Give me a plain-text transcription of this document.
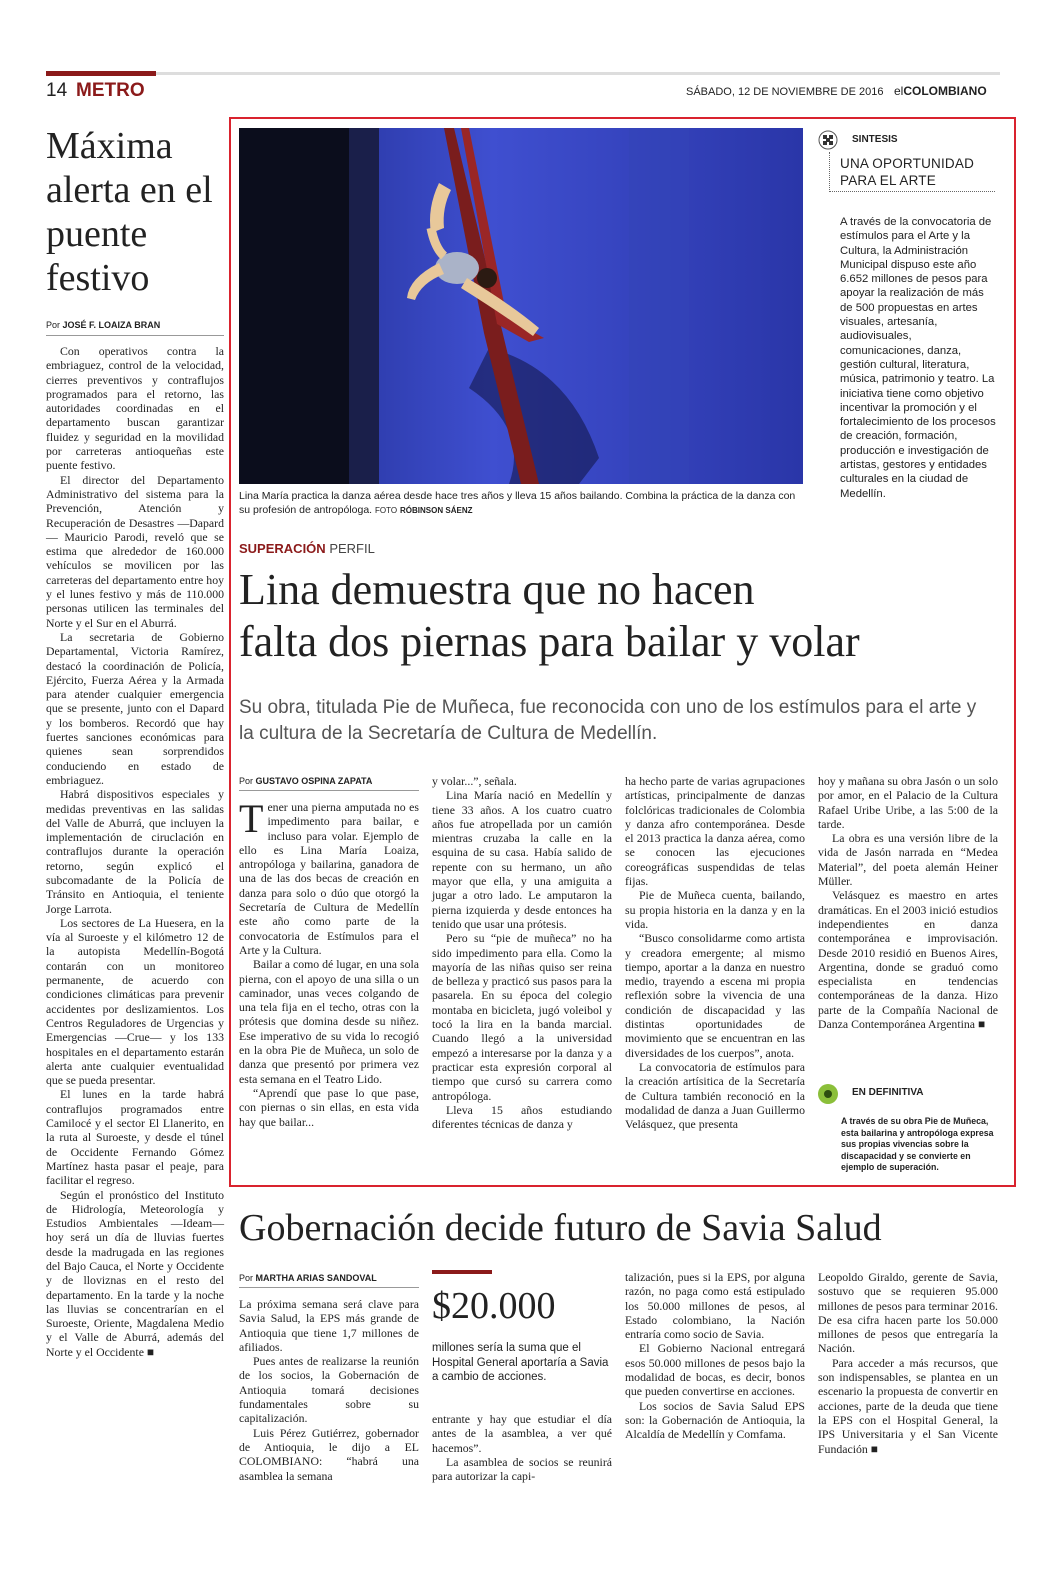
14 METRO	SÁBADO, 12 DE NOVIEMBRE DE 2016 elCOLOMBIANO
Máxima alerta en el puente festivo
Por JOSÉ F. LOAIZA BRAN

Con operativos contra la embriaguez, control de la velocidad, cierres preventivos y contraflujos programados para el retorno, las autoridades coordinadas en el departamento buscan garantizar fluidez y seguridad en la movilidad por carreteras antioqueñas este puente festivo.

El director del Departamento Administrativo del sistema para la Prevención, Atención y Recuperación de Desastres —Dapard— Mauricio Parodi, reveló que se estima que alrededor de 160.000 vehículos se movilicen por las carreteras del departamento entre hoy y el lunes festivo y más de 110.000 personas utilicen las terminales del Norte y el Sur en el Aburrá.

La secretaria de Gobierno Departamental, Victoria Ramírez, destacó la coordinación de Policía, Ejército, Fuerza Aérea y la Armada para atender cualquier emergencia que se presente, junto con el Dapard y los bomberos. Recordó que hay fuertes sanciones económicas para quienes sean sorprendidos conduciendo en estado de embriaguez.

Habrá dispositivos especiales y medidas preventivas en las salidas del Valle de Aburrá, que incluyen la implementación de ciruclación en contraflujos durante la operación retorno, según explicó el subcomadante de la Policía de Tránsito en Antioquia, el teniente Jorge Larrota.

Los sectores de La Huesera, en la vía al Suroeste y el kilómetro 12 de la autopista Medellín-Bogotá contarán con un monitoreo permanente, de acuerdo con condiciones climáticas para prevenir accidentes por deslizamientos. Los Centros Reguladores de Urgencias y Emergencias —Crue— y los 133 hospitales en el departamento estarán alerta ante cualquier eventualidad que se pueda presentar.

El lunes en la tarde habrá contraflujos programados entre Camilocé y el sector El Llanerito, en la ruta al Suroeste, y desde el túnel de Occidente Fernando Gómez Martínez hasta pasar el peaje, para facilitar el regreso.

Según el pronóstico del Instituto de Hidrología, Meteorología y Estudios Ambientales —Ideam— hoy será un día de lluvias fuertes desde la madrugada en las regiones del Bajo Cauca, el Norte y Occidente y de lloviznas en el resto del departamento. En la tarde y la noche las lluvias se concentrarían en el Suroeste, Oriente, Magdalena Medio y el Valle de Aburrá, además del Norte y el Occidente ■

Lina María practica la danza aérea desde hace tres años y lleva 15 años bailando. Combina la práctica de la danza con su profesión de antropóloga. FOTO RÓBINSON SÁENZ
SINTESIS
UNA OPORTUNIDAD PARA EL ARTE
A través de la convocatoria de estímulos para el Arte y la Cultura, la Administración Municipal dispuso este año 6.652 millones de pesos para apoyar la realización de más de 500 propuestas en artes visuales, artesanía, audiovisuales, comunicaciones, danza, gestión cultural, literatura, música, patrimonio y teatro. La iniciativa tiene como objetivo incentivar la promoción y el fortalecimiento de los procesos de creación, formación, producción e investigación de artistas, gestores y entidades culturales en la ciudad de Medellín.
SUPERACIÓN PERFIL
Lina demuestra que no hacen
falta dos piernas para bailar y volar
Su obra, titulada Pie de Muñeca, fue reconocida con uno de los estímulos para el arte y la cultura de la Secretaría de Cultura de Medellín.
Por GUSTAVO OSPINA ZAPATA
T ener una pierna amputada no es impedimento para bailar, e incluso para volar. Ejemplo de ello es Lina María Loaiza, antropóloga y bailarina, ganadora de una de las dos becas de creación en danza para solo o dúo que otorgó la Secretaría de Cultura de Medellín este año como parte de la convocatoria de Estímulos para el Arte y la Cultura.

Bailar a como dé lugar, en una sola pierna, con el apoyo de una silla o un caminador, unas veces colgando de una tela fija en el techo, otras con la prótesis que domina desde su niñez. Ese imperativo de su vida lo recogió en la obra Pie de Muñeca, un solo de danza que presentó por primera vez esta semana en el Teatro Lido.

“Aprendí que pase lo que pase, con piernas o sin ellas, en esta vida hay que bailar...

y volar...”, señala.

Lina María nació en Medellín y tiene 33 años. A los cuatro cuatro años fue atropellada por un camión mientras cruzaba la calle en la esquina de su casa. Había salido de repente con su hermano, un año mayor que ella, y una amiguita a jugar a otro lado. Le amputaron la pierna izquierda y desde entonces ha tenido que usar una prótesis.

Pero su “pie de muñeca” no ha sido impedimento para ella. Como la mayoría de las niñas quiso ser reina de belleza y practicó sus pasos para la pasarela. En su época del colegio montaba en bicicleta, jugó voleibol y tocó la lira en la banda marcial. Cuando llegó a la universidad empezó a interesarse por la danza y a practicar esta expresión corporal al tiempo que cursó su carrera como antropóloga.

Lleva 15 años estudiando diferentes técnicas de danza y

ha hecho parte de varias agrupaciones artísticas, principalmente de danzas folclóricas tradicionales de Colombia y danza afro contemporánea. Desde el 2013 practica la danza aérea, como se conocen las ejecuciones coreográficas suspendidas de telas fijas.

Pie de Muñeca cuenta, bailando, su propia historia en la danza y en la vida.

“Busco consolidarme como artista y creadora emergente; al mismo tiempo, aportar a la danza en nuestro medio, trayendo a escena mi propia reflexión sobre la vivencia de una condición de discapacidad y las distintas oportunidades de movimiento que se encuentran en las diversidades de los cuerpos”, anota.

La convocatoria de estímulos para la creación artísitica de la Secretaría de Cultura también reconoció en la modalidad de danza a Juan Guillermo Velásquez, que presenta

hoy y mañana su obra Jasón o un solo por amor, en el Palacio de la Cultura Rafael Uribe Uribe, a las 5:00 de la tarde.

La obra es una versión libre de la vida de Jasón narrada en “Medea Material”, del poeta alemán Heiner Müller.

Velásquez es maestro en artes dramáticas. En el 2003 inició estudios independientes en danza contemporánea e improvisación. Desde 2010 residió en Buenos Aires, Argentina, donde se graduó como especialista en tendencias contemporáneas de la danza. Hizo parte de la Compañía Nacional de Danza Contemporánea Argentina ■

EN DEFINITIVA
A través de su obra Pie de Muñeca, esta bailarina y antropóloga expresa sus propias vivencias sobre la discapacidad y se convierte en ejemplo de superación.
Gobernación decide futuro de Savia Salud
Por MARTHA ARIAS SANDOVAL

La próxima semana será clave para Savia Salud, la EPS más grande de Antioquia que tiene 1,7 millones de afiliados.

Pues antes de realizarse la reunión de los socios, la Gobernación de Antioquia tomará decisiones fundamentales sobre su capitalización.

Luis Pérez Gutiérrez, gobernador de Antioquia, le dijo a EL COLOMBIANO: “habrá una asamblea la semana

$20.000
millones sería la suma que el Hospital General aportaría a Savia a cambio de acciones.

entrante y hay que estudiar el día antes de la asamblea, a ver qué hacemos”.

La asamblea de socios se reunirá para autorizar la capi-

talización, pues si la EPS, por alguna razón, no paga como está estipulado los 50.000 millones de pesos, al Estado colombiano, la Nación entraría como socio de Savia.

El Gobierno Nacional entregará esos 50.000 millones de pesos bajo la modalidad de bocas, es decir, bonos que pueden convertirse en acciones.

Los socios de Savia Salud EPS son: la Gobernación de Antioquia, la Alcaldía de Medellín y Comfama.

Leopoldo Giraldo, gerente de Savia, sostuvo que se requieren 95.000 millones de pesos para terminar 2016. De esa cifra hacen parte los 50.000 millones de pesos que entregaría la Nación.

Para acceder a más recursos, que son indispensables, se plantea en un escenario la propuesta de convertir en acciones, parte de la deuda que tiene la EPS con el Hospital General, la IPS Universitaria y el San Vicente Fundación ■
